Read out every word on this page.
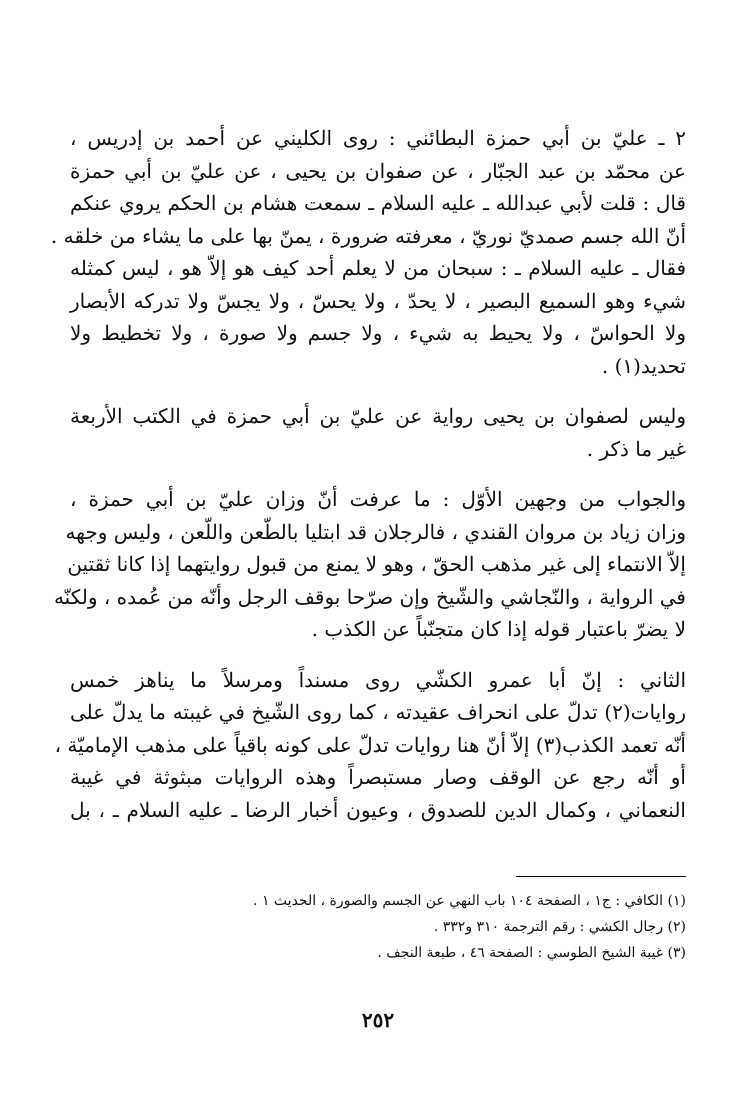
٢ ـ عليّ بن أبي حمزة البطائني : روى الكليني عن أحمد بن إدريس ،
عن محمّد بن عبد الجبّار ، عن صفوان بن يحيى ، عن عليّ بن أبي حمزة
قال : قلت لأبي عبدالله ـ عليه السلام ـ سمعت هشام بن الحكم يروي عنكم
أنّ الله جسم صمديّ نوريّ ، معرفته ضرورة ، يمنّ بها على ما يشاء من خلقه .
فقال ـ عليه السلام ـ : سبحان من لا يعلم أحد كيف هو إلاّ هو ، ليس كمثله
شيء وهو السميع البصير ، لا يحدّ ، ولا يحسّ ، ولا يجسّ ولا تدركه الأبصار
ولا الحواسّ ، ولا يحيط به شيء ، ولا جسم ولا صورة ، ولا تخطيط ولا
تحديد(١) .

وليس لصفوان بن يحيى رواية عن عليّ بن أبي حمزة في الكتب الأربعة
غير ما ذكر .

والجواب من وجهين الأوّل : ما عرفت أنّ وزان عليّ بن أبي حمزة ،
وزان زياد بن مروان القندي ، فالرجلان قد ابتليا بالطّعن واللّعن ، وليس وجهه
إلاّ الانتماء إلى غير مذهب الحقّ ، وهو لا يمنع من قبول روايتهما إذا كانا ثقتين
في الرواية ، والنّجاشي والشّيخ وإن صرّحا بوقف الرجل وأنّه من عُمده ، ولكنّه
لا يضرّ باعتبار قوله إذا كان متجنّباً عن الكذب .

الثاني : إنّ أبا عمرو الكشّي روى مسنداً ومرسلاً ما يناهز خمس
روايات(٢) تدلّ على انحراف عقيدته ، كما روى الشّيخ في غيبته ما يدلّ على
أنّه تعمد الكذب(٣) إلاّ أنّ هنا روايات تدلّ على كونه باقياً على مذهب الإماميّة ،
أو أنّه رجع عن الوقف وصار مستبصراً وهذه الروايات مبثوثة في غيبة
النعماني ، وكمال الدين للصدوق ، وعيون أخبار الرضا ـ عليه السلام ـ ، بل

(١) الكافي : ج١ ، الصفحة ١٠٤ باب النهي عن الجسم والصورة ، الحديث ١ .

(٢) رجال الكشي : رقم الترجمة ٣١٠ و٣٣٢ .

(٣) غيبة الشيخ الطوسي : الصفحة ٤٦ ، طبعة النجف .

٢٥٢
